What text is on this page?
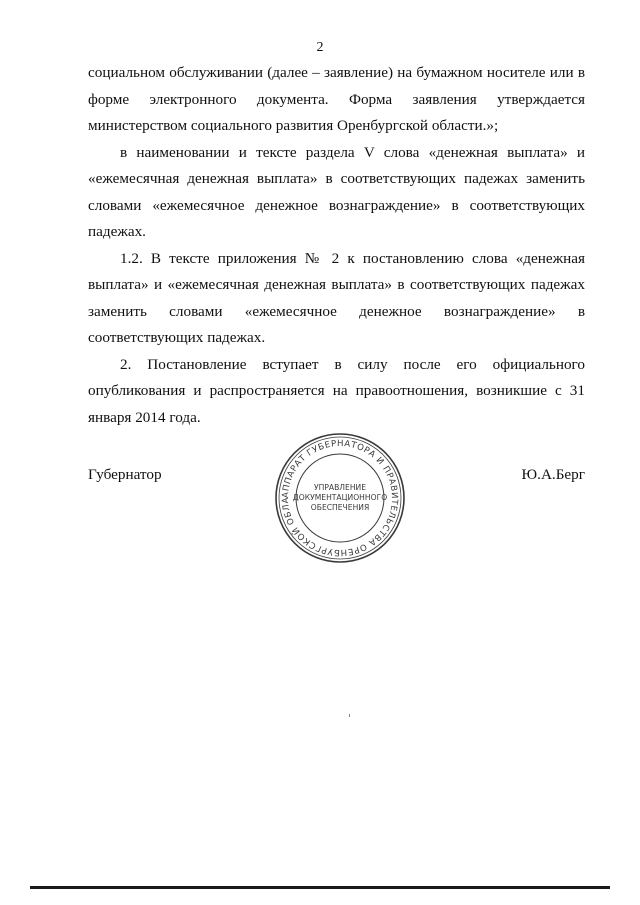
2

социальном обслуживании (далее – заявление) на бумажном носителе или в форме электронного документа. Форма заявления утверждается министерством социального развития Оренбургской области.»;

в наименовании и тексте раздела V слова «денежная выплата» и «ежемесячная денежная выплата» в соответствующих падежах заменить словами «ежемесячное денежное вознаграждение» в соответствующих падежах.

1.2. В тексте приложения № 2 к постановлению слова «денежная выплата» и «ежемесячная денежная выплата» в соответствующих падежах заменить словами «ежемесячное денежное вознаграждение» в соответствующих падежах.

2. Постановление вступает в силу после его официального опубликования и распространяется на правоотношения, возникшие с 31 января 2014 года.

Губернатор	Ю.А.Берг
АППАРАТ ГУБЕРНАТОРА И ПРАВИТЕЛЬСТВА ОРЕНБУРГСКОЙ ОБЛА
УПРАВЛЕНИЕ
ДОКУМЕНТАЦИОННОГО
ОБЕСПЕЧЕНИЯ
